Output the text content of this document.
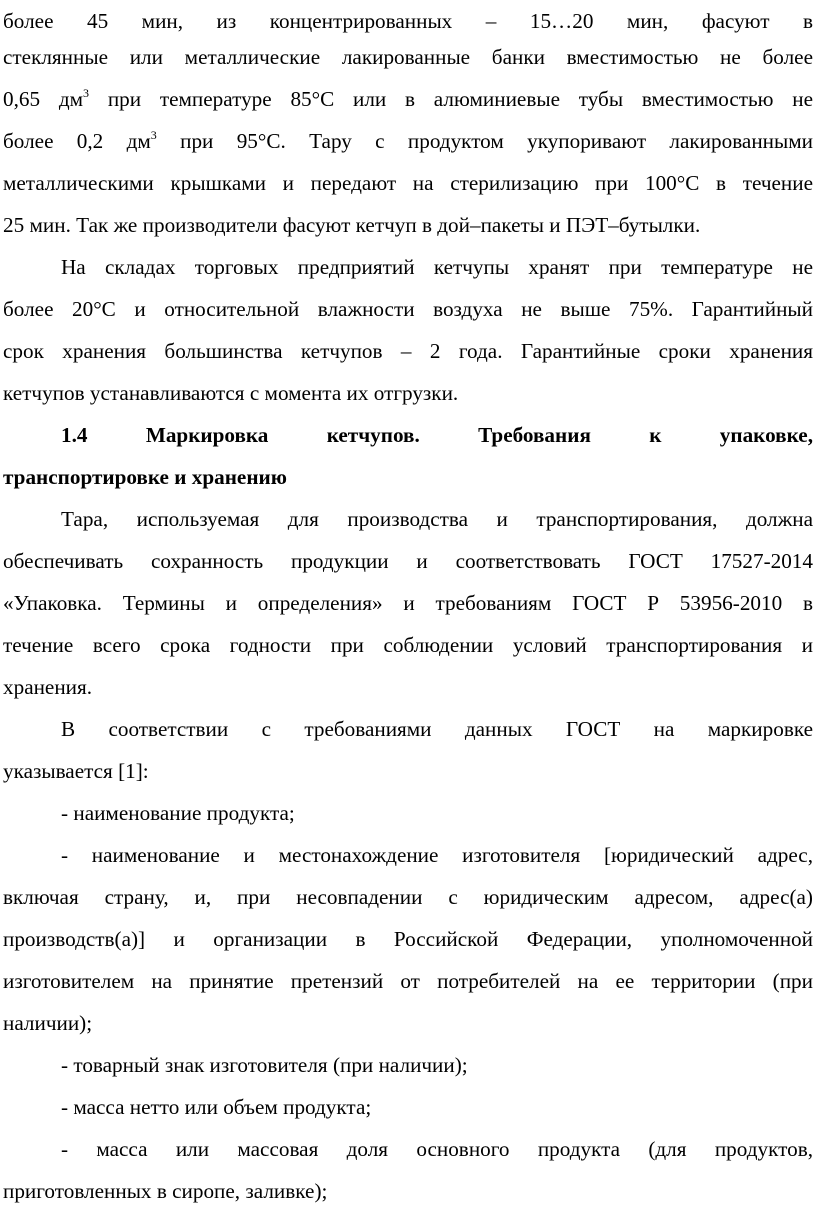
более 45 мин, из концентрированных – 15…20 мин, фасуют в
стеклянные или металлические лакированные банки вместимостью не более
0,65 $дм^3$ при температуре 85°С или в алюминиевые тубы вместимостью не
более 0,2 $дм^3$ при 95°С. Тару с продуктом укупоривают лакированными
металлическими крышками и передают на стерилизацию при 100°С в течение
25 мин. Так же производители фасуют кетчуп в дой–пакеты и ПЭТ–бутылки.
На складах торговых предприятий кетчупы хранят при температуре не
более 20°С и относительной влажности воздуха не выше 75%. Гарантийный
срок хранения большинства кетчупов – 2 года. Гарантийные сроки хранения
кетчупов устанавливаются с момента их отгрузки.
1.4 Маркировка кетчупов. Требования к упаковке,
транспортировке и хранению
Тара, используемая для производства и транспортирования, должна
обеспечивать сохранность продукции и соответствовать ГОСТ 17527-2014
«Упаковка. Термины и определения» и требованиям ГОСТ Р 53956-2010 в
течение всего срока годности при соблюдении условий транспортирования и
хранения.
В соответствии с требованиями данных ГОСТ на маркировке
указывается [1]:
- наименование продукта;
- наименование и местонахождение изготовителя [юридический адрес,
включая страну, и, при несовпадении с юридическим адресом, адрес(а)
производств(а)] и организации в Российской Федерации, уполномоченной
изготовителем на принятие претензий от потребителей на ее территории (при
наличии);
- товарный знак изготовителя (при наличии);
- масса нетто или объем продукта;
- масса или массовая доля основного продукта (для продуктов,
приготовленных в сиропе, заливке);
